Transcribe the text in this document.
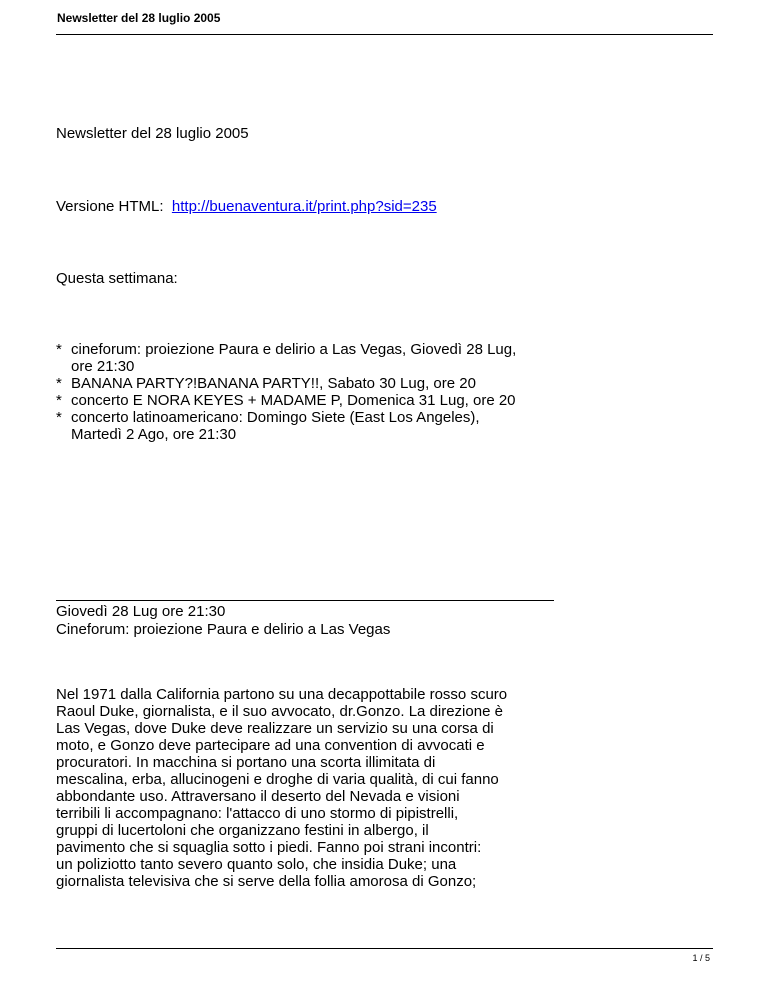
Newsletter del 28 luglio 2005
Newsletter del 28 luglio 2005
Versione HTML: http://buenaventura.it/print.php?sid=235
Questa settimana:
* cineforum: proiezione Paura e delirio a Las Vegas, Giovedì 28 Lug,
ore 21:30
* BANANA PARTY?!BANANA PARTY!!, Sabato 30 Lug, ore 20
* concerto E NORA KEYES + MADAME P, Domenica 31 Lug, ore 20
* concerto latinoamericano: Domingo Siete (East Los Angeles),
Martedì 2 Ago, ore 21:30
Giovedì 28 Lug ore 21:30
Cineforum: proiezione Paura e delirio a Las Vegas
Nel 1971 dalla California partono su una decappottabile rosso scuro
Raoul Duke, giornalista, e il suo avvocato, dr.Gonzo. La direzione è
Las Vegas, dove Duke deve realizzare un servizio su una corsa di
moto, e Gonzo deve partecipare ad una convention di avvocati e
procuratori. In macchina si portano una scorta illimitata di
mescalina, erba, allucinogeni e droghe di varia qualità, di cui fanno
abbondante uso. Attraversano il deserto del Nevada e visioni
terribili li accompagnano: l'attacco di uno stormo di pipistrelli,
gruppi di lucertoloni che organizzano festini in albergo, il
pavimento che si squaglia sotto i piedi. Fanno poi strani incontri:
un poliziotto tanto severo quanto solo, che insidia Duke; una
giornalista televisiva che si serve della follia amorosa di Gonzo;
1 / 5
